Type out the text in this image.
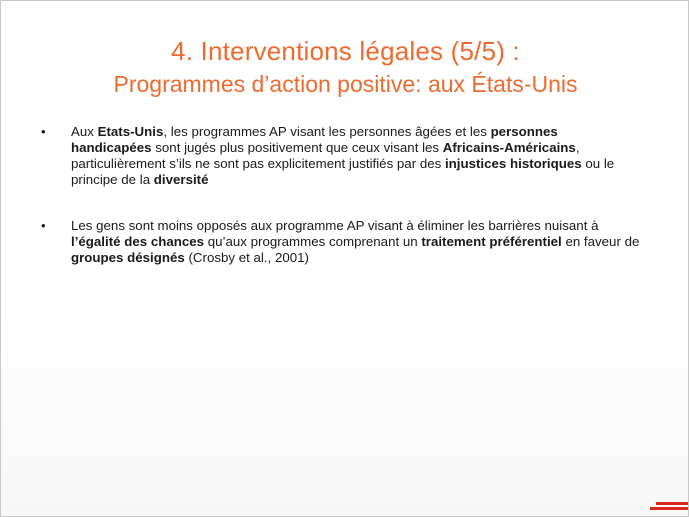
4. Interventions légales (5/5) :
Programmes d’action positive: aux États-Unis
• Aux Etats-Unis, les programmes AP visant les personnes âgées et les personnes handicapées sont jugés plus positivement que ceux visant les Africains-Américains, particulièrement s’ils ne sont pas explicitement justifiés par des injustices historiques ou le principe de la diversité
• Les gens sont moins opposés aux programme AP visant à éliminer les barrières nuisant à l’égalité des chances qu’aux programmes comprenant un traitement préférentiel en faveur de groupes désignés (Crosby et al., 2001)
